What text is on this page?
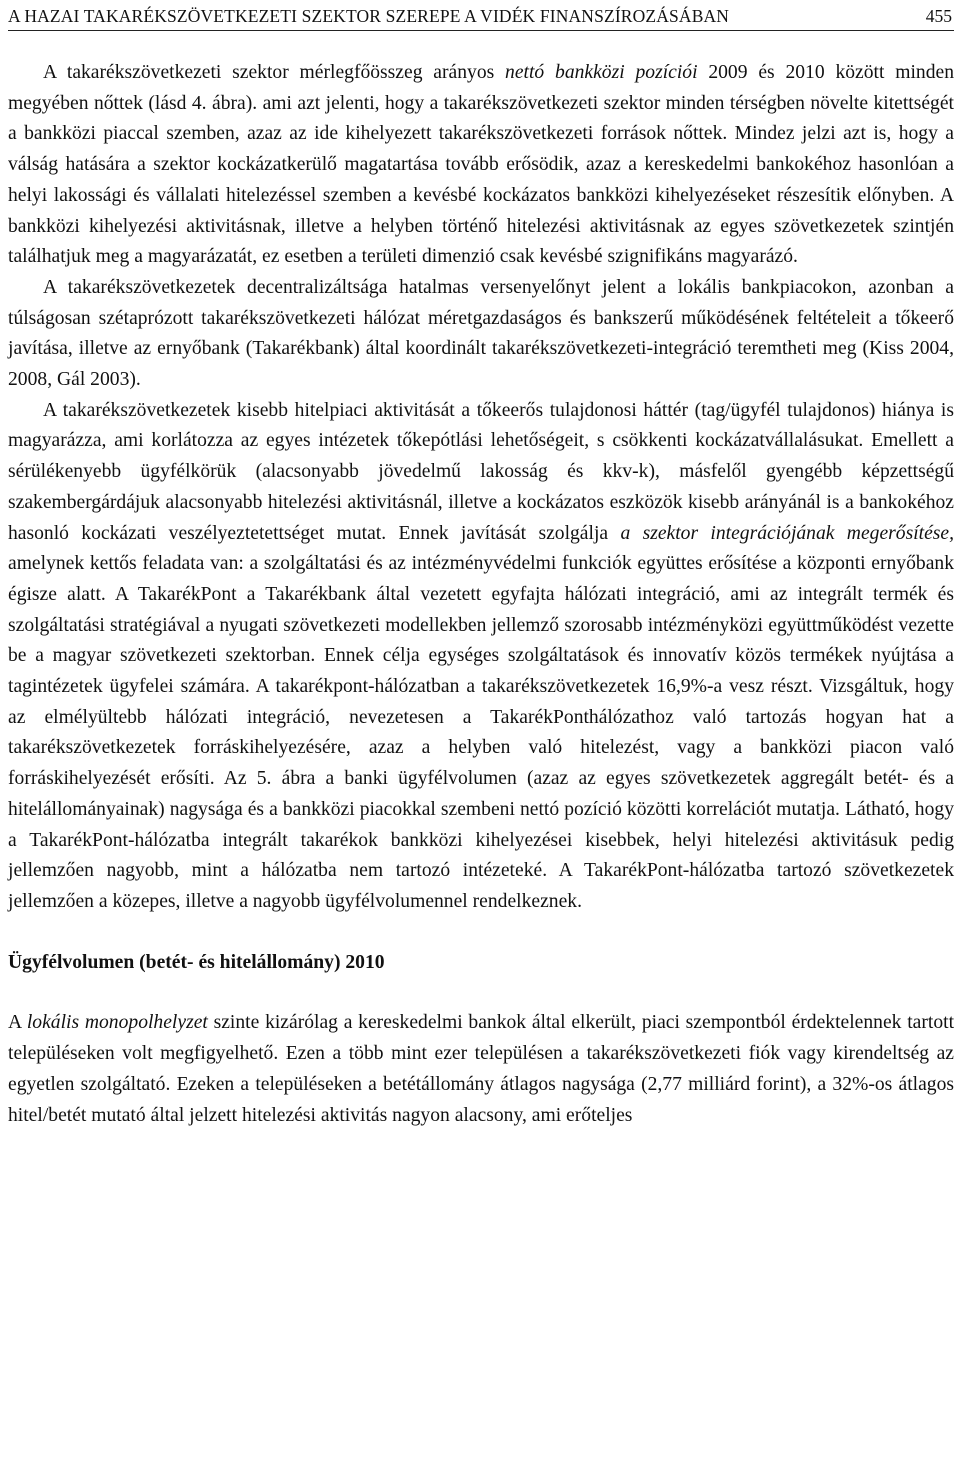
A HAZAI TAKARÉKSZÖVETKEZETI SZEKTOR SZEREPE A VIDÉK FINANSZÍROZÁSÁBAN	455

A takarékszövetkezeti szektor mérlegfőösszeg arányos nettó bankközi pozíciói 2009 és 2010 között minden megyében nőttek (lásd 4. ábra). ami azt jelenti, hogy a takarékszövetkezeti szektor minden térségben növelte kitettségét a bankközi piaccal szemben, azaz az ide kihelyezett takarékszövetkezeti források nőttek. Mindez jelzi azt is, hogy a válság hatására a szektor kockázatkerülő magatartása tovább erősödik, azaz a kereskedelmi bankokéhoz hasonlóan a helyi lakossági és vállalati hitelezéssel szemben a kevésbé kockázatos bankközi kihelyezéseket részesítik előnyben. A bankközi kihelyezési aktivitásnak, illetve a helyben történő hitelezési aktivitásnak az egyes szövetkezetek szintjén találhatjuk meg a magyarázatát, ez esetben a területi dimenzió csak kevésbé szignifikáns magyarázó.

A takarékszövetkezetek decentralizáltsága hatalmas versenyelőnyt jelent a lokális bankpiacokon, azonban a túlságosan szétaprózott takarékszövetkezeti hálózat méretgazdaságos és bankszerű működésének feltételeit a tőkeerő javítása, illetve az ernyőbank (Takarékbank) által koordinált takarékszövetkezeti-integráció teremtheti meg (Kiss 2004, 2008, Gál 2003).

A takarékszövetkezetek kisebb hitelpiaci aktivitását a tőkeerős tulajdonosi háttér (tag/ügyfél tulajdonos) hiánya is magyarázza, ami korlátozza az egyes intézetek tőkepótlási lehetőségeit, s csökkenti kockázatvállalásukat. Emellett a sérülékenyebb ügyfélkörük (alacsonyabb jövedelmű lakosság és kkv-k), másfelől gyengébb képzettségű szakembergárdájuk alacsonyabb hitelezési aktivitásnál, illetve a kockázatos eszközök kisebb arányánál is a bankokéhoz hasonló kockázati veszélyeztetettséget mutat. Ennek javítását szolgálja a szektor integrációjának megerősítése, amelynek kettős feladata van: a szolgáltatási és az intézményvédelmi funkciók együttes erősítése a központi ernyőbank égisze alatt. A TakarékPont a Takarékbank által vezetett egyfajta hálózati integráció, ami az integrált termék és szolgáltatási stratégiával a nyugati szövetkezeti modellekben jellemző szorosabb intézményközi együttműködést vezette be a magyar szövetkezeti szektorban. Ennek célja egységes szolgáltatások és innovatív közös termékek nyújtása a tagintézetek ügyfelei számára. A takarékpont-hálózatban a takarékszövetkezetek 16,9%-a vesz részt. Vizsgáltuk, hogy az elmélyültebb hálózati integráció, nevezetesen a TakarékPonthálózathoz való tartozás hogyan hat a takarékszövetkezetek forráskihelyezésére, azaz a helyben való hitelezést, vagy a bankközi piacon való forráskihelyezését erősíti. Az 5. ábra a banki ügyfélvolumen (azaz az egyes szövetkezetek aggregált betét- és a hitelállományainak) nagysága és a bankközi piacokkal szembeni nettó pozíció közötti korrelációt mutatja. Látható, hogy a TakarékPont-hálózatba integrált takarékok bankközi kihelyezései kisebbek, helyi hitelezési aktivitásuk pedig jellemzően nagyobb, mint a hálózatba nem tartozó intézeteké. A TakarékPont-hálózatba tartozó szövetkezetek jellemzően a közepes, illetve a nagyobb ügyfélvolumennel rendelkeznek.

Ügyfélvolumen (betét- és hitelállomány) 2010

A lokális monopolhelyzet szinte kizárólag a kereskedelmi bankok által elkerült, piaci szempontból érdektelennek tartott településeken volt megfigyelhető. Ezen a több mint ezer településen a takarékszövetkezeti fiók vagy kirendeltség az egyetlen szolgáltató. Ezeken a településeken a betétállomány átlagos nagysága (2,77 milliárd forint), a 32%-os átlagos hitel/betét mutató által jelzett hitelezési aktivitás nagyon alacsony, ami erőteljes
